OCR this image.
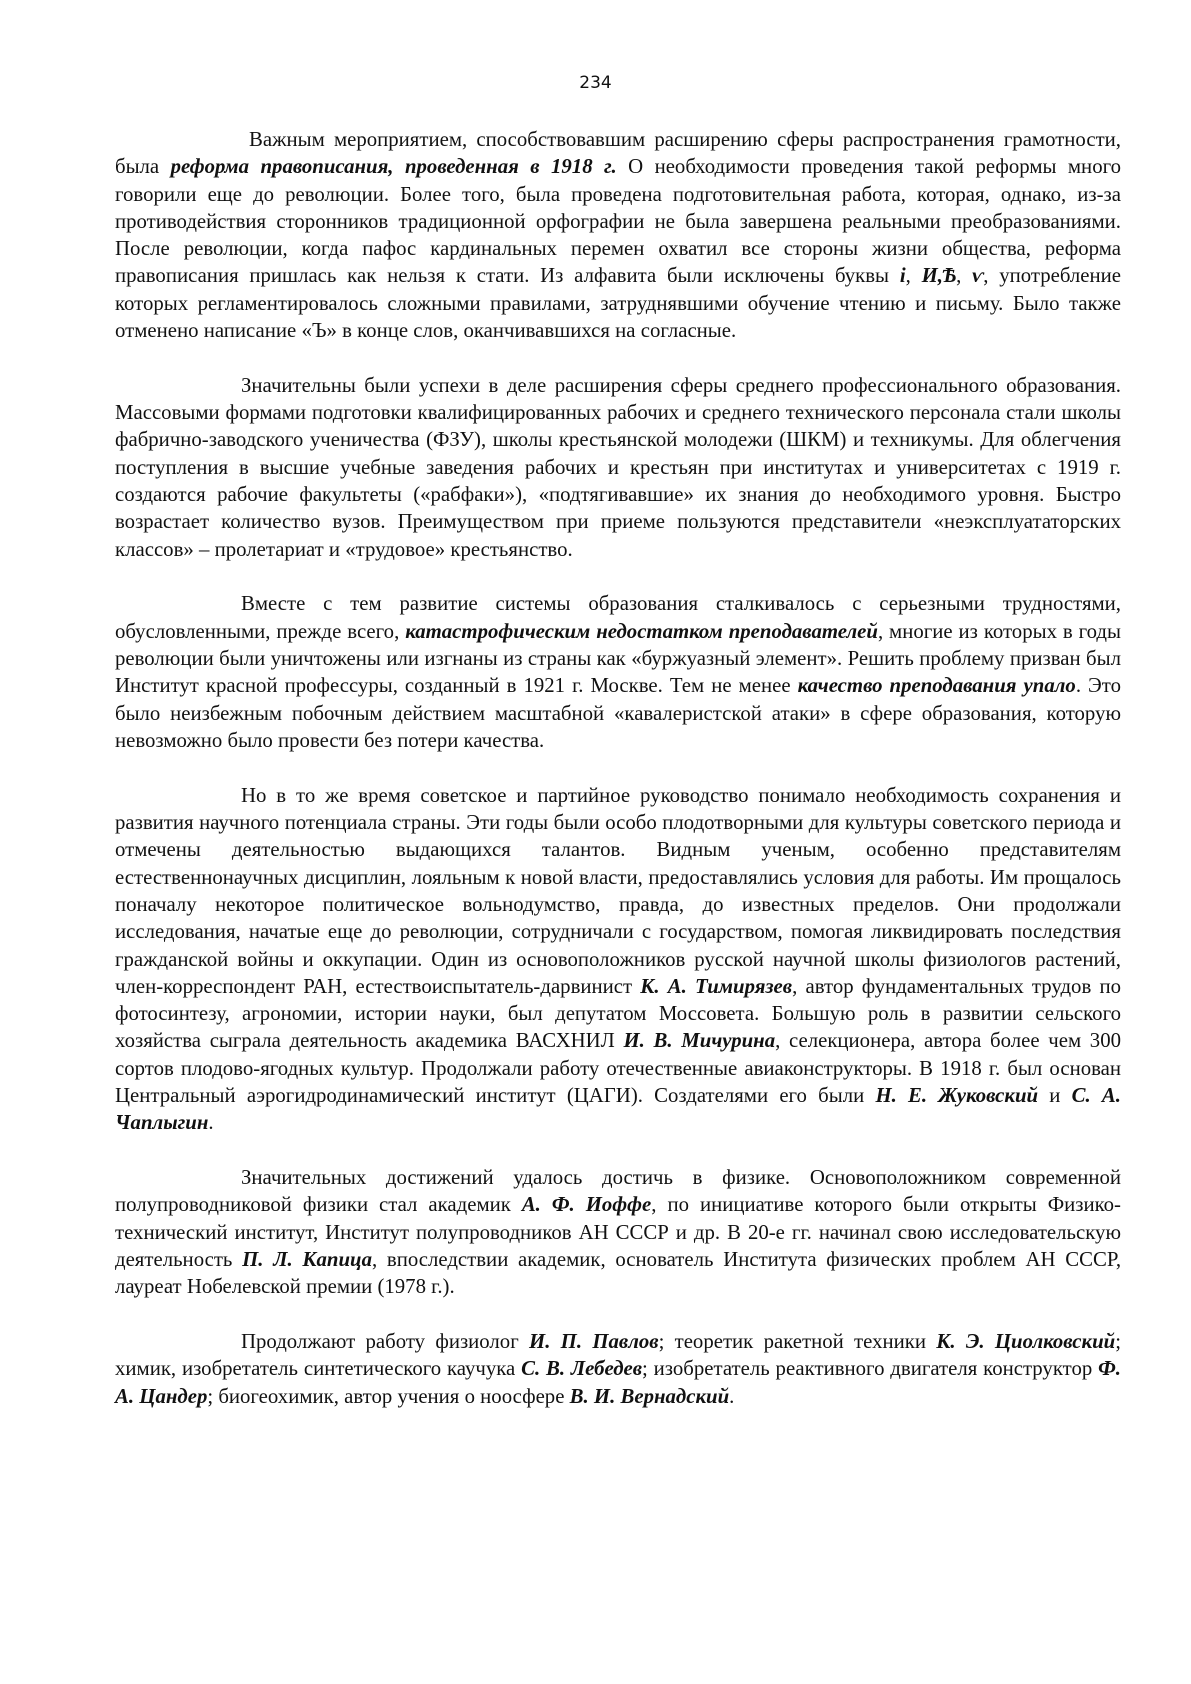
234

Важным мероприятием, способствовавшим расширению сферы распространения грамотности, была реформа правописания, проведенная в 1918 г. О необходимости проведения такой реформы много говорили еще до революции. Более того, была проведена подготовительная работа, которая, однако, из-за противодействия сторонников традиционной орфографии не была завершена реальными преобразованиями. После революции, когда пафос кардинальных перемен охватил все стороны жизни общества, реформа правописания пришлась как нельзя к стати. Из алфавита были исключены буквы і, И,Ѣ, ѵ, употребление которых регламентировалось сложными правилами, затруднявшими обучение чтению и письму. Было также отменено написание «Ъ» в конце слов, оканчивавшихся на согласные.

Значительны были успехи в деле расширения сферы среднего профессионального образования. Массовыми формами подготовки квалифицированных рабочих и среднего технического персонала стали школы фабрично-заводского ученичества (ФЗУ), школы крестьянской молодежи (ШКМ) и техникумы. Для облегчения поступления в высшие учебные заведения рабочих и крестьян при институтах и университетах с 1919 г. создаются рабочие факультеты («рабфаки»), «подтягивавшие» их знания до необходимого уровня. Быстро возрастает количество вузов. Преимуществом при приеме пользуются представители «неэксплуататорских классов» – пролетариат и «трудовое» крестьянство.

Вместе с тем развитие системы образования сталкивалось с серьезными трудностями, обусловленными, прежде всего, катастрофическим недостатком преподавателей, многие из которых в годы революции были уничтожены или изгнаны из страны как «буржуазный элемент». Решить проблему призван был Институт красной профессуры, созданный в 1921 г. Москве. Тем не менее качество преподавания упало. Это было неизбежным побочным действием масштабной «кавалеристской атаки» в сфере образования, которую невозможно было провести без потери качества.

Но в то же время советское и партийное руководство понимало необходимость сохранения и развития научного потенциала страны. Эти годы были особо плодотворными для культуры советского периода и отмечены деятельностью выдающихся талантов. Видным ученым, особенно представителям естественнонаучных дисциплин, лояльным к новой власти, предоставлялись условия для работы. Им прощалось поначалу некоторое политическое вольнодумство, правда, до известных пределов. Они продолжали исследования, начатые еще до революции, сотрудничали с государством, помогая ликвидировать последствия гражданской войны и оккупации. Один из основоположников русской научной школы физиологов растений, член-корреспондент РАН, естествоиспытатель-дарвинист К. А. Тимирязев, автор фундаментальных трудов по фотосинтезу, агрономии, истории науки, был депутатом Моссовета. Большую роль в развитии сельского хозяйства сыграла деятельность академика ВАСХНИЛ И. В. Мичурина, селекционера, автора более чем 300 сортов плодово-ягодных культур. Продолжали работу отечественные авиаконструкторы. В 1918 г. был основан Центральный аэрогидродинамический институт (ЦАГИ). Создателями его были Н. Е. Жуковский и С. А. Чаплыгин.

Значительных достижений удалось достичь в физике. Основоположником современной полупроводниковой физики стал академик А. Ф. Иоффе, по инициативе которого были открыты Физико-технический институт, Институт полупроводников АН СССР и др. В 20-е гг. начинал свою исследовательскую деятельность П. Л. Капица, впоследствии академик, основатель Института физических проблем АН СССР, лауреат Нобелевской премии (1978 г.).

Продолжают работу физиолог И. П. Павлов; теоретик ракетной техники К. Э. Циолковский; химик, изобретатель синтетического каучука С. В. Лебедев; изобретатель реактивного двигателя конструктор Ф. А. Цандер; биогеохимик, автор учения о ноосфере В. И. Вернадский.
